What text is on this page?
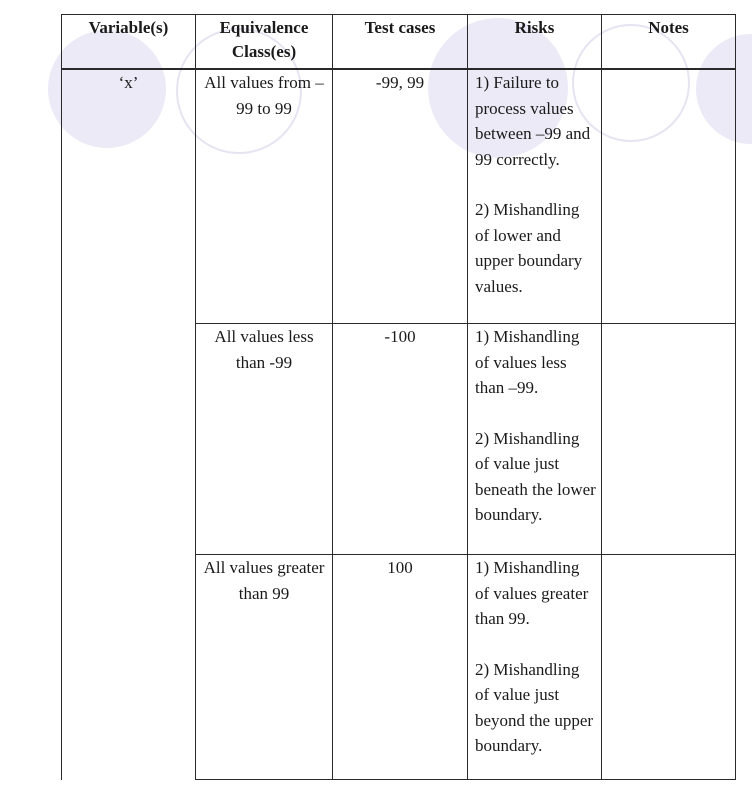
Variable(s)	Equivalence Class(es)	Test cases	Risks	Notes
‘x’	All values from –99 to 99	-99, 99	1) Failure to process values between –99 and 99 correctly.
2) Mishandling of lower and upper boundary values.	

	All values less than -99	-100	1) Mishandling of values less than –99.
2) Mishandling of value just beneath the lower boundary.	

	All values greater than 99	100	1) Mishandling of values greater than 99.
2) Mishandling of value just beyond the upper boundary.	
